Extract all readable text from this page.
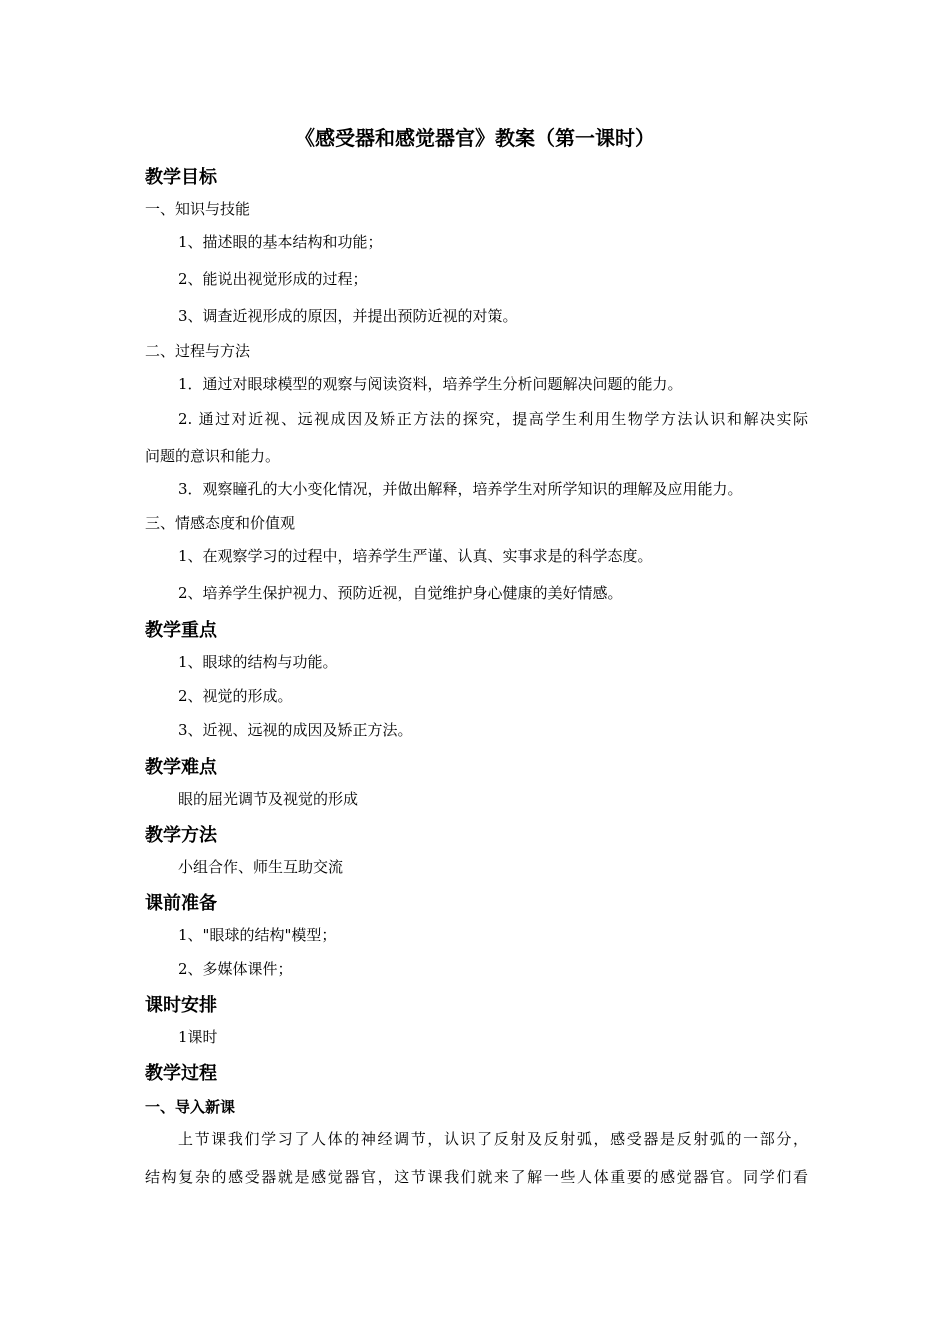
《感受器和感觉器官》教案（第一课时）
教学目标
一、知识与技能
1、描述眼的基本结构和功能；
2、能说出视觉形成的过程；
3、调查近视形成的原因，并提出预防近视的对策。
二、过程与方法
1．通过对眼球模型的观察与阅读资料，培养学生分析问题解决问题的能力。
2. 通过对近视、远视成因及矫正方法的探究，提高学生利用生物学方法认识和解决实际
问题的意识和能力。
3．观察瞳孔的大小变化情况，并做出解释，培养学生对所学知识的理解及应用能力。
三、情感态度和价值观
1、在观察学习的过程中，培养学生严谨、认真、实事求是的科学态度。
2、培养学生保护视力、预防近视，自觉维护身心健康的美好情感。
教学重点
1、眼球的结构与功能。
2、视觉的形成。
3、近视、远视的成因及矫正方法。
教学难点
眼的屈光调节及视觉的形成
教学方法
小组合作、师生互助交流
课前准备
1、"眼球的结构"模型；
2、多媒体课件；
课时安排
1课时
教学过程
一、导入新课
上节课我们学习了人体的神经调节，认识了反射及反射弧，感受器是反射弧的一部分，
结构复杂的感受器就是感觉器官，这节课我们就来了解一些人体重要的感觉器官。同学们看
